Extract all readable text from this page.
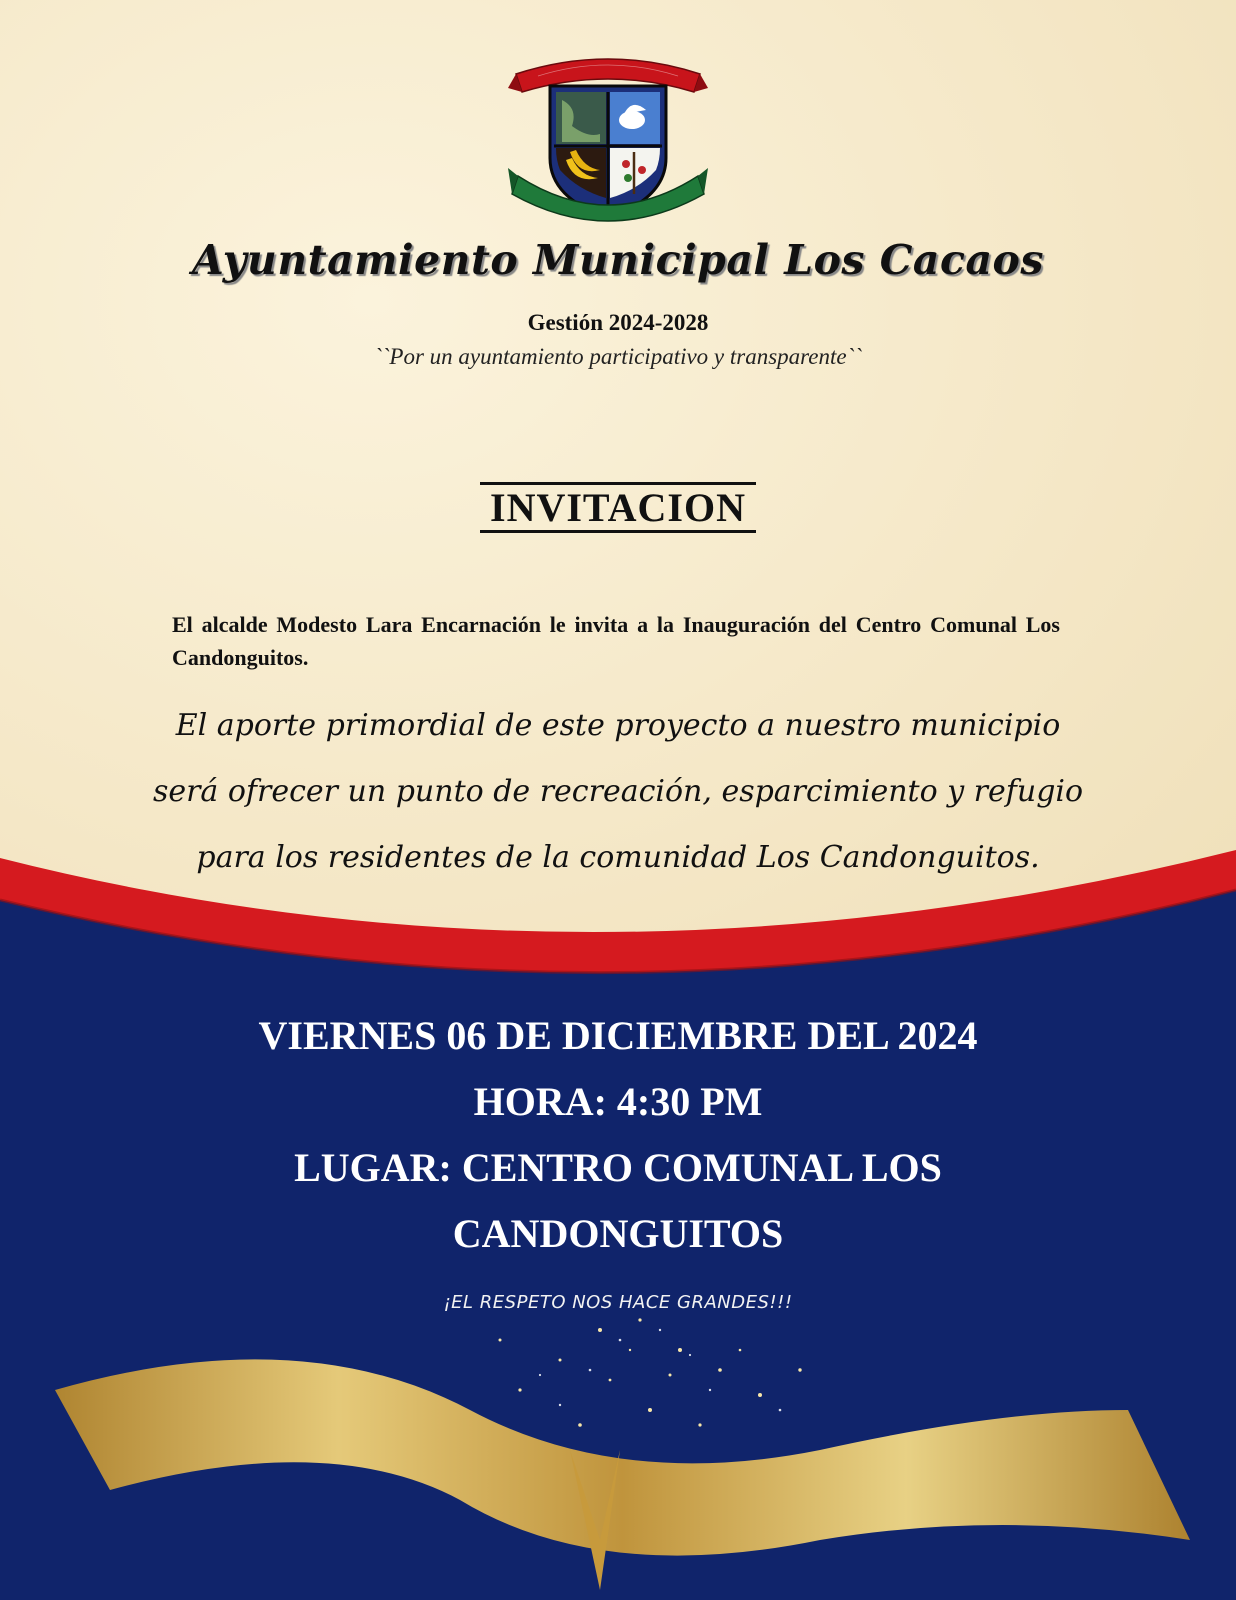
Ayuntamiento Municipal Los Cacaos
Gestión 2024-2028
``Por un ayuntamiento participativo y transparente``
INVITACION
El alcalde Modesto Lara Encarnación le invita a la Inauguración del Centro Comunal Los Candonguitos.
El aporte primordial de este proyecto a nuestro municipio
será ofrecer un punto de recreación, esparcimiento y refugio
para los residentes de la comunidad Los Candonguitos.
VIERNES 06 DE DICIEMBRE DEL 2024
HORA: 4:30 PM
LUGAR: CENTRO COMUNAL LOS
CANDONGUITOS
¡EL RESPETO NOS HACE GRANDES!!!
